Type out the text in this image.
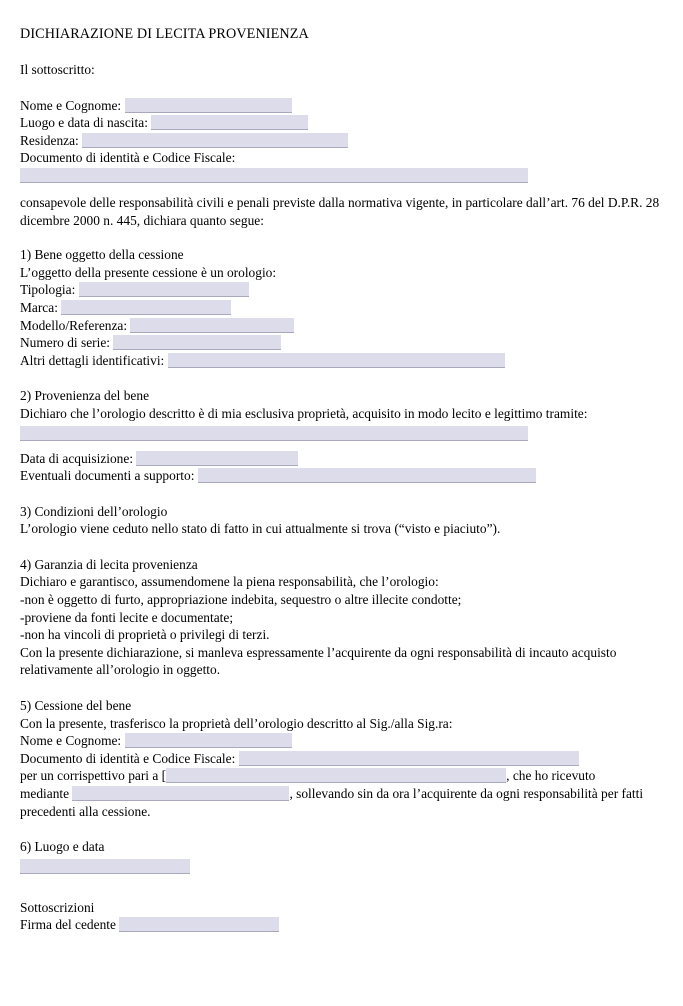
DICHIARAZIONE DI LECITA PROVENIENZA
Il sottoscritto:
Nome e Cognome:
Luogo e data di nascita:
Residenza:
Documento di identità e Codice Fiscale:
consapevole delle responsabilità civili e penali previste dalla normativa vigente, in particolare dall’art. 76 del D.P.R. 28 dicembre 2000 n. 445, dichiara quanto segue:
1) Bene oggetto della cessione
L’oggetto della presente cessione è un orologio:
Tipologia:
Marca:
Modello/Referenza:
Numero di serie:
Altri dettagli identificativi:
2) Provenienza del bene
Dichiaro che l’orologio descritto è di mia esclusiva proprietà, acquisito in modo lecito e legittimo tramite:
Data di acquisizione:
Eventuali documenti a supporto:
3) Condizioni dell’orologio
L’orologio viene ceduto nello stato di fatto in cui attualmente si trova (“visto e piaciuto”).
4) Garanzia di lecita provenienza
Dichiaro e garantisco, assumendomene la piena responsabilità, che l’orologio:
-non è oggetto di furto, appropriazione indebita, sequestro o altre illecite condotte;
-proviene da fonti lecite e documentate;
-non ha vincoli di proprietà o privilegi di terzi.
Con la presente dichiarazione, si manleva espressamente l’acquirente da ogni responsabilità di incauto acquisto relativamente all’orologio in oggetto.
5) Cessione del bene
Con la presente, trasferisco la proprietà dell’orologio descritto al Sig./alla Sig.ra:
Nome e Cognome:
Documento di identità e Codice Fiscale:
per un corrispettivo pari a [	, che ho ricevuto
mediante	, sollevando sin da ora l’acquirente da ogni responsabilità per fatti precedenti alla cessione.
6) Luogo e data
Sottoscrizioni
Firma del cedente
